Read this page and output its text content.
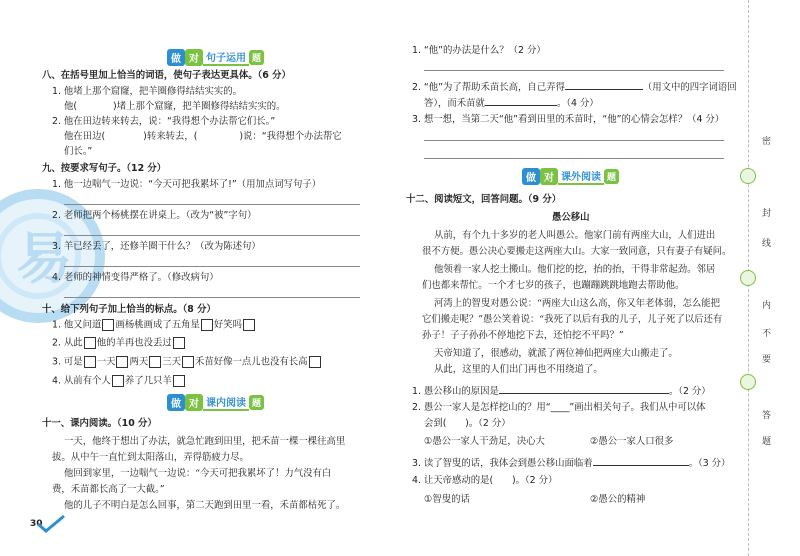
易
做 对 句子运用 题
八、在括号里加上恰当的词语，使句子表达更具体。（6 分）
1. 他堵上那个窟窿，把羊圈修得结结实实的。
他(	)堵上那个窟窿，把羊圈修得结结实实的。
2. 他在田边转来转去，说：“我得想个办法帮它们长。”
他在田边(	)转来转去，(	)说：“我得想个办法帮它
们长。”
九、按要求写句子。（12 分）
1. 他一边喘气一边说：“今天可把我累坏了!”（用加点词写句子）
2. 老师把两个杨桃摆在讲桌上。（改为“被”字句）
3. 羊已经丢了，还修羊圈干什么？（改为陈述句）
4. 老师的神情变得严格了。（修改病句）
十、给下列句子加上恰当的标点。（8 分）
1. 他又问道 画杨桃画成了五角星 好笑吗
2. 从此 他的羊再也没丢过
3. 可是 一天 两天 三天 禾苗好像一点儿也没有长高
4. 从前有个人 养了几只羊
做 对 课内阅读 题
十一、课内阅读。（10 分）
一天，他终于想出了办法，就急忙跑到田里，把禾苗一棵一棵往高里
拔。从中午一直忙到太阳落山，弄得筋疲力尽。
他回到家里，一边喘气一边说：“今天可把我累坏了！力气没有白
费，禾苗都长高了一大截。”
他的儿子不明白是怎么回事，第二天跑到田里一看，禾苗都枯死了。
30
1. “他”的办法是什么？（2 分）
2. “他”为了帮助禾苗长高，自己弄得	（用文中的四字词语回
答），而禾苗就	。（4 分）
3. 想一想，当第二天“他”看到田里的禾苗时，“他”的心情会怎样？（4 分）
做 对 课外阅读 题
十二、阅读短文，回答问题。（9 分）
愚公移山
从前，有个九十多岁的老人叫愚公。他家门前有两座大山，人们进出
很不方便。愚公决心要搬走这两座大山。大家一致同意，只有妻子有疑问。
他领着一家人挖土搬山。他们挖的挖，抬的抬，干得非常起劲。邻居
们也都来帮忙。一个才七岁的孩子，也蹦蹦跳跳地跑去帮助他。
河湾上的智叟对愚公说：“两座大山这么高，你又年老体弱，怎么能把
它们搬走呢？”愚公笑着说：“我死了以后有我的儿子，儿子死了以后还有
孙子！子子孙孙不停地挖下去，还怕挖不平吗？”
天帝知道了，很感动，就派了两位神仙把两座大山搬走了。
从此，这里的人们出门再也不用绕道了。
1. 愚公移山的原因是	。（2 分）
2. 愚公一家人是怎样挖山的？用“____”画出相关句子。我们从中可以体
会到(　　)。（2 分）
①愚公一家人干劲足，决心大	②愚公一家人口很多
3. 读了智叟的话，我体会到愚公移山面临着	。（3 分）
4. 让天帝感动的是(　　)。（2 分）
①智叟的话	②愚公的精神
密
封
线
内
不
要
答
题
